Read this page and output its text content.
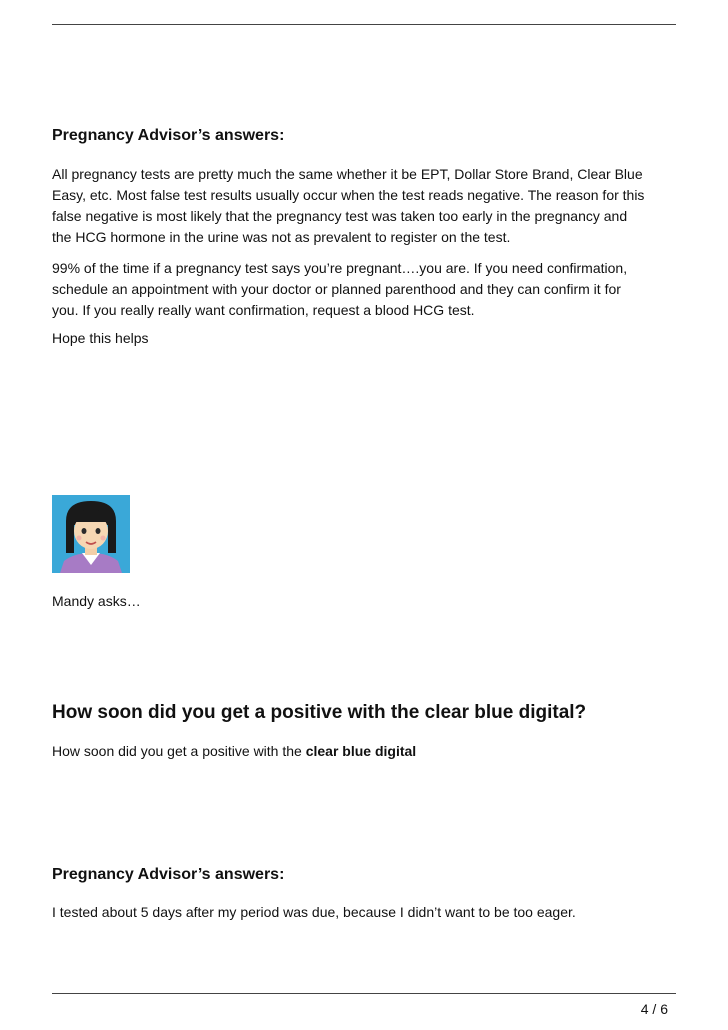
Pregnancy Advisor’s answers:

All pregnancy tests are pretty much the same whether it be EPT, Dollar Store Brand, Clear Blue

Easy, etc. Most false test results usually occur when the test reads negative. The reason for this

false negative is most likely that the pregnancy test was taken too early in the pregnancy and

the HCG hormone in the urine was not as prevalent to register on the test.

99% of the time if a pregnancy test says you’re pregnant….you are. If you need confirmation,

schedule an appointment with your doctor or planned parenthood and they can confirm it for

you. If you really really want confirmation, request a blood HCG test.

Hope this helps
Mandy asks…
How soon did you get a positive with the clear blue digital?
How soon did you get a positive with the clear blue digital
Pregnancy Advisor’s answers:
I tested about 5 days after my period was due, because I didn’t want to be too eager.
4 / 6
